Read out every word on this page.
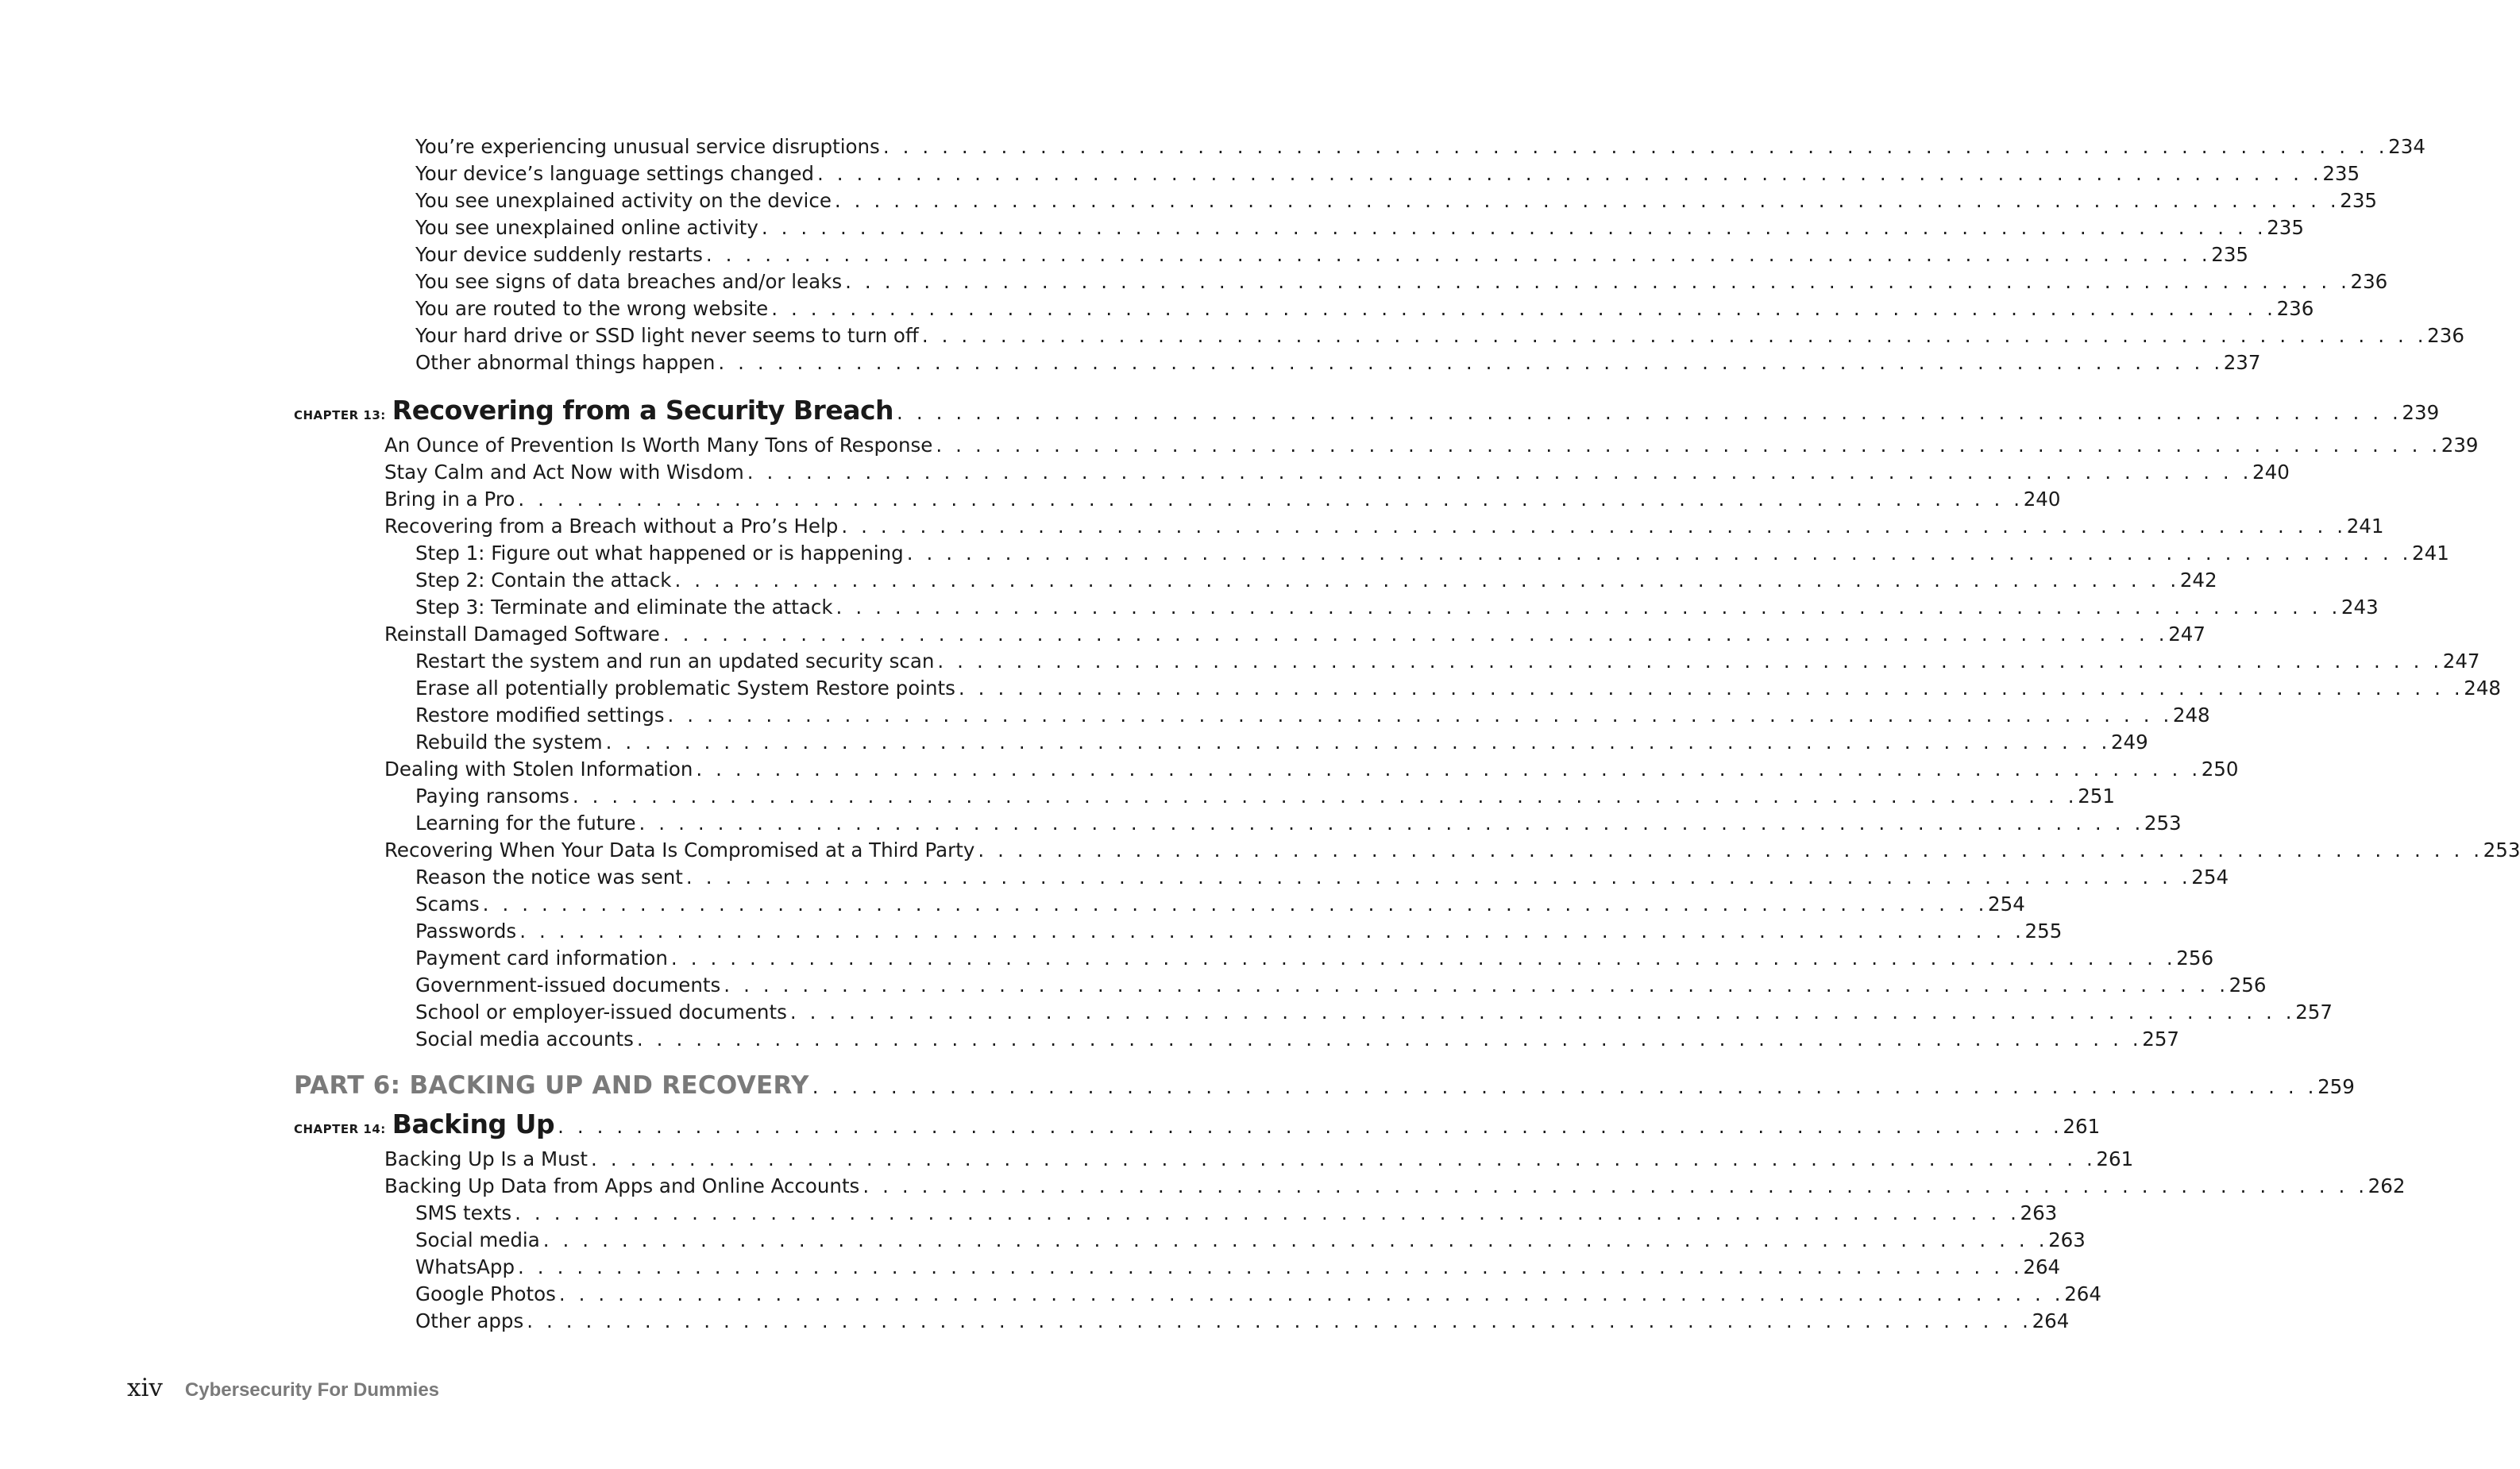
You’re experiencing unusual service disruptions . . . . . . . . . . . . . . . . . . . . . . . . . . . . . . . . . . . . . . . . . . . . . . . . . . . . . . . . . . . . . . . . . . . . . . . . . . . . . 234
Your device’s language settings changed . . . . . . . . . . . . . . . . . . . . . . . . . . . . . . . . . . . . . . . . . . . . . . . . . . . . . . . . . . . . . . . . . . . . . . . . . . . . . 235
You see unexplained activity on the device . . . . . . . . . . . . . . . . . . . . . . . . . . . . . . . . . . . . . . . . . . . . . . . . . . . . . . . . . . . . . . . . . . . . . . . . . . . . . 235
You see unexplained online activity . . . . . . . . . . . . . . . . . . . . . . . . . . . . . . . . . . . . . . . . . . . . . . . . . . . . . . . . . . . . . . . . . . . . . . . . . . . . . 235
Your device suddenly restarts . . . . . . . . . . . . . . . . . . . . . . . . . . . . . . . . . . . . . . . . . . . . . . . . . . . . . . . . . . . . . . . . . . . . . . . . . . . . . 235
You see signs of data breaches and/or leaks . . . . . . . . . . . . . . . . . . . . . . . . . . . . . . . . . . . . . . . . . . . . . . . . . . . . . . . . . . . . . . . . . . . . . . . . . . . . . 236
You are routed to the wrong website . . . . . . . . . . . . . . . . . . . . . . . . . . . . . . . . . . . . . . . . . . . . . . . . . . . . . . . . . . . . . . . . . . . . . . . . . . . . . 236
Your hard drive or SSD light never seems to turn off . . . . . . . . . . . . . . . . . . . . . . . . . . . . . . . . . . . . . . . . . . . . . . . . . . . . . . . . . . . . . . . . . . . . . . . . . . . . . 236
Other abnormal things happen . . . . . . . . . . . . . . . . . . . . . . . . . . . . . . . . . . . . . . . . . . . . . . . . . . . . . . . . . . . . . . . . . . . . . . . . . . . . . 237
CHAPTER 13: Recovering from a Security Breach . . . . . . . . . . . . . . . . . . . . . . . . . . . . . . . . . . . . . . . . . . . . . . . . . . . . . . . . . . . . . . . . . . . . . . . . . . . . . 239
An Ounce of Prevention Is Worth Many Tons of Response . . . . . . . . . . . . . . . . . . . . . . . . . . . . . . . . . . . . . . . . . . . . . . . . . . . . . . . . . . . . . . . . . . . . . . . . . . . . . 239
Stay Calm and Act Now with Wisdom . . . . . . . . . . . . . . . . . . . . . . . . . . . . . . . . . . . . . . . . . . . . . . . . . . . . . . . . . . . . . . . . . . . . . . . . . . . . . 240
Bring in a Pro . . . . . . . . . . . . . . . . . . . . . . . . . . . . . . . . . . . . . . . . . . . . . . . . . . . . . . . . . . . . . . . . . . . . . . . . . . . . . 240
Recovering from a Breach without a Pro’s Help . . . . . . . . . . . . . . . . . . . . . . . . . . . . . . . . . . . . . . . . . . . . . . . . . . . . . . . . . . . . . . . . . . . . . . . . . . . . . 241
Step 1: Figure out what happened or is happening . . . . . . . . . . . . . . . . . . . . . . . . . . . . . . . . . . . . . . . . . . . . . . . . . . . . . . . . . . . . . . . . . . . . . . . . . . . . . 241
Step 2: Contain the attack . . . . . . . . . . . . . . . . . . . . . . . . . . . . . . . . . . . . . . . . . . . . . . . . . . . . . . . . . . . . . . . . . . . . . . . . . . . . . 242
Step 3: Terminate and eliminate the attack . . . . . . . . . . . . . . . . . . . . . . . . . . . . . . . . . . . . . . . . . . . . . . . . . . . . . . . . . . . . . . . . . . . . . . . . . . . . . 243
Reinstall Damaged Software . . . . . . . . . . . . . . . . . . . . . . . . . . . . . . . . . . . . . . . . . . . . . . . . . . . . . . . . . . . . . . . . . . . . . . . . . . . . . 247
Restart the system and run an updated security scan . . . . . . . . . . . . . . . . . . . . . . . . . . . . . . . . . . . . . . . . . . . . . . . . . . . . . . . . . . . . . . . . . . . . . . . . . . . . . 247
Erase all potentially problematic System Restore points . . . . . . . . . . . . . . . . . . . . . . . . . . . . . . . . . . . . . . . . . . . . . . . . . . . . . . . . . . . . . . . . . . . . . . . . . . . . . 248
Restore modified settings . . . . . . . . . . . . . . . . . . . . . . . . . . . . . . . . . . . . . . . . . . . . . . . . . . . . . . . . . . . . . . . . . . . . . . . . . . . . . 248
Rebuild the system . . . . . . . . . . . . . . . . . . . . . . . . . . . . . . . . . . . . . . . . . . . . . . . . . . . . . . . . . . . . . . . . . . . . . . . . . . . . . 249
Dealing with Stolen Information . . . . . . . . . . . . . . . . . . . . . . . . . . . . . . . . . . . . . . . . . . . . . . . . . . . . . . . . . . . . . . . . . . . . . . . . . . . . . 250
Paying ransoms . . . . . . . . . . . . . . . . . . . . . . . . . . . . . . . . . . . . . . . . . . . . . . . . . . . . . . . . . . . . . . . . . . . . . . . . . . . . . 251
Learning for the future . . . . . . . . . . . . . . . . . . . . . . . . . . . . . . . . . . . . . . . . . . . . . . . . . . . . . . . . . . . . . . . . . . . . . . . . . . . . . 253
Recovering When Your Data Is Compromised at a Third Party . . . . . . . . . . . . . . . . . . . . . . . . . . . . . . . . . . . . . . . . . . . . . . . . . . . . . . . . . . . . . . . . . . . . . . . . . . . . . 253
Reason the notice was sent . . . . . . . . . . . . . . . . . . . . . . . . . . . . . . . . . . . . . . . . . . . . . . . . . . . . . . . . . . . . . . . . . . . . . . . . . . . . . 254
Scams . . . . . . . . . . . . . . . . . . . . . . . . . . . . . . . . . . . . . . . . . . . . . . . . . . . . . . . . . . . . . . . . . . . . . . . . . . . . . 254
Passwords . . . . . . . . . . . . . . . . . . . . . . . . . . . . . . . . . . . . . . . . . . . . . . . . . . . . . . . . . . . . . . . . . . . . . . . . . . . . . 255
Payment card information . . . . . . . . . . . . . . . . . . . . . . . . . . . . . . . . . . . . . . . . . . . . . . . . . . . . . . . . . . . . . . . . . . . . . . . . . . . . . 256
Government-issued documents . . . . . . . . . . . . . . . . . . . . . . . . . . . . . . . . . . . . . . . . . . . . . . . . . . . . . . . . . . . . . . . . . . . . . . . . . . . . . 256
School or employer-issued documents . . . . . . . . . . . . . . . . . . . . . . . . . . . . . . . . . . . . . . . . . . . . . . . . . . . . . . . . . . . . . . . . . . . . . . . . . . . . . 257
Social media accounts . . . . . . . . . . . . . . . . . . . . . . . . . . . . . . . . . . . . . . . . . . . . . . . . . . . . . . . . . . . . . . . . . . . . . . . . . . . . . 257
PART 6: BACKING UP AND RECOVERY . . . . . . . . . . . . . . . . . . . . . . . . . . . . . . . . . . . . . . . . . . . . . . . . . . . . . . . . . . . . . . . . . . . . . . . . . . . . . 259
CHAPTER 14: Backing Up . . . . . . . . . . . . . . . . . . . . . . . . . . . . . . . . . . . . . . . . . . . . . . . . . . . . . . . . . . . . . . . . . . . . . . . . . . . . . 261
Backing Up Is a Must . . . . . . . . . . . . . . . . . . . . . . . . . . . . . . . . . . . . . . . . . . . . . . . . . . . . . . . . . . . . . . . . . . . . . . . . . . . . . 261
Backing Up Data from Apps and Online Accounts . . . . . . . . . . . . . . . . . . . . . . . . . . . . . . . . . . . . . . . . . . . . . . . . . . . . . . . . . . . . . . . . . . . . . . . . . . . . . 262
SMS texts . . . . . . . . . . . . . . . . . . . . . . . . . . . . . . . . . . . . . . . . . . . . . . . . . . . . . . . . . . . . . . . . . . . . . . . . . . . . . 263
Social media . . . . . . . . . . . . . . . . . . . . . . . . . . . . . . . . . . . . . . . . . . . . . . . . . . . . . . . . . . . . . . . . . . . . . . . . . . . . . 263
WhatsApp . . . . . . . . . . . . . . . . . . . . . . . . . . . . . . . . . . . . . . . . . . . . . . . . . . . . . . . . . . . . . . . . . . . . . . . . . . . . . 264
Google Photos . . . . . . . . . . . . . . . . . . . . . . . . . . . . . . . . . . . . . . . . . . . . . . . . . . . . . . . . . . . . . . . . . . . . . . . . . . . . . 264
Other apps . . . . . . . . . . . . . . . . . . . . . . . . . . . . . . . . . . . . . . . . . . . . . . . . . . . . . . . . . . . . . . . . . . . . . . . . . . . . . 264
xiv Cybersecurity For Dummies
